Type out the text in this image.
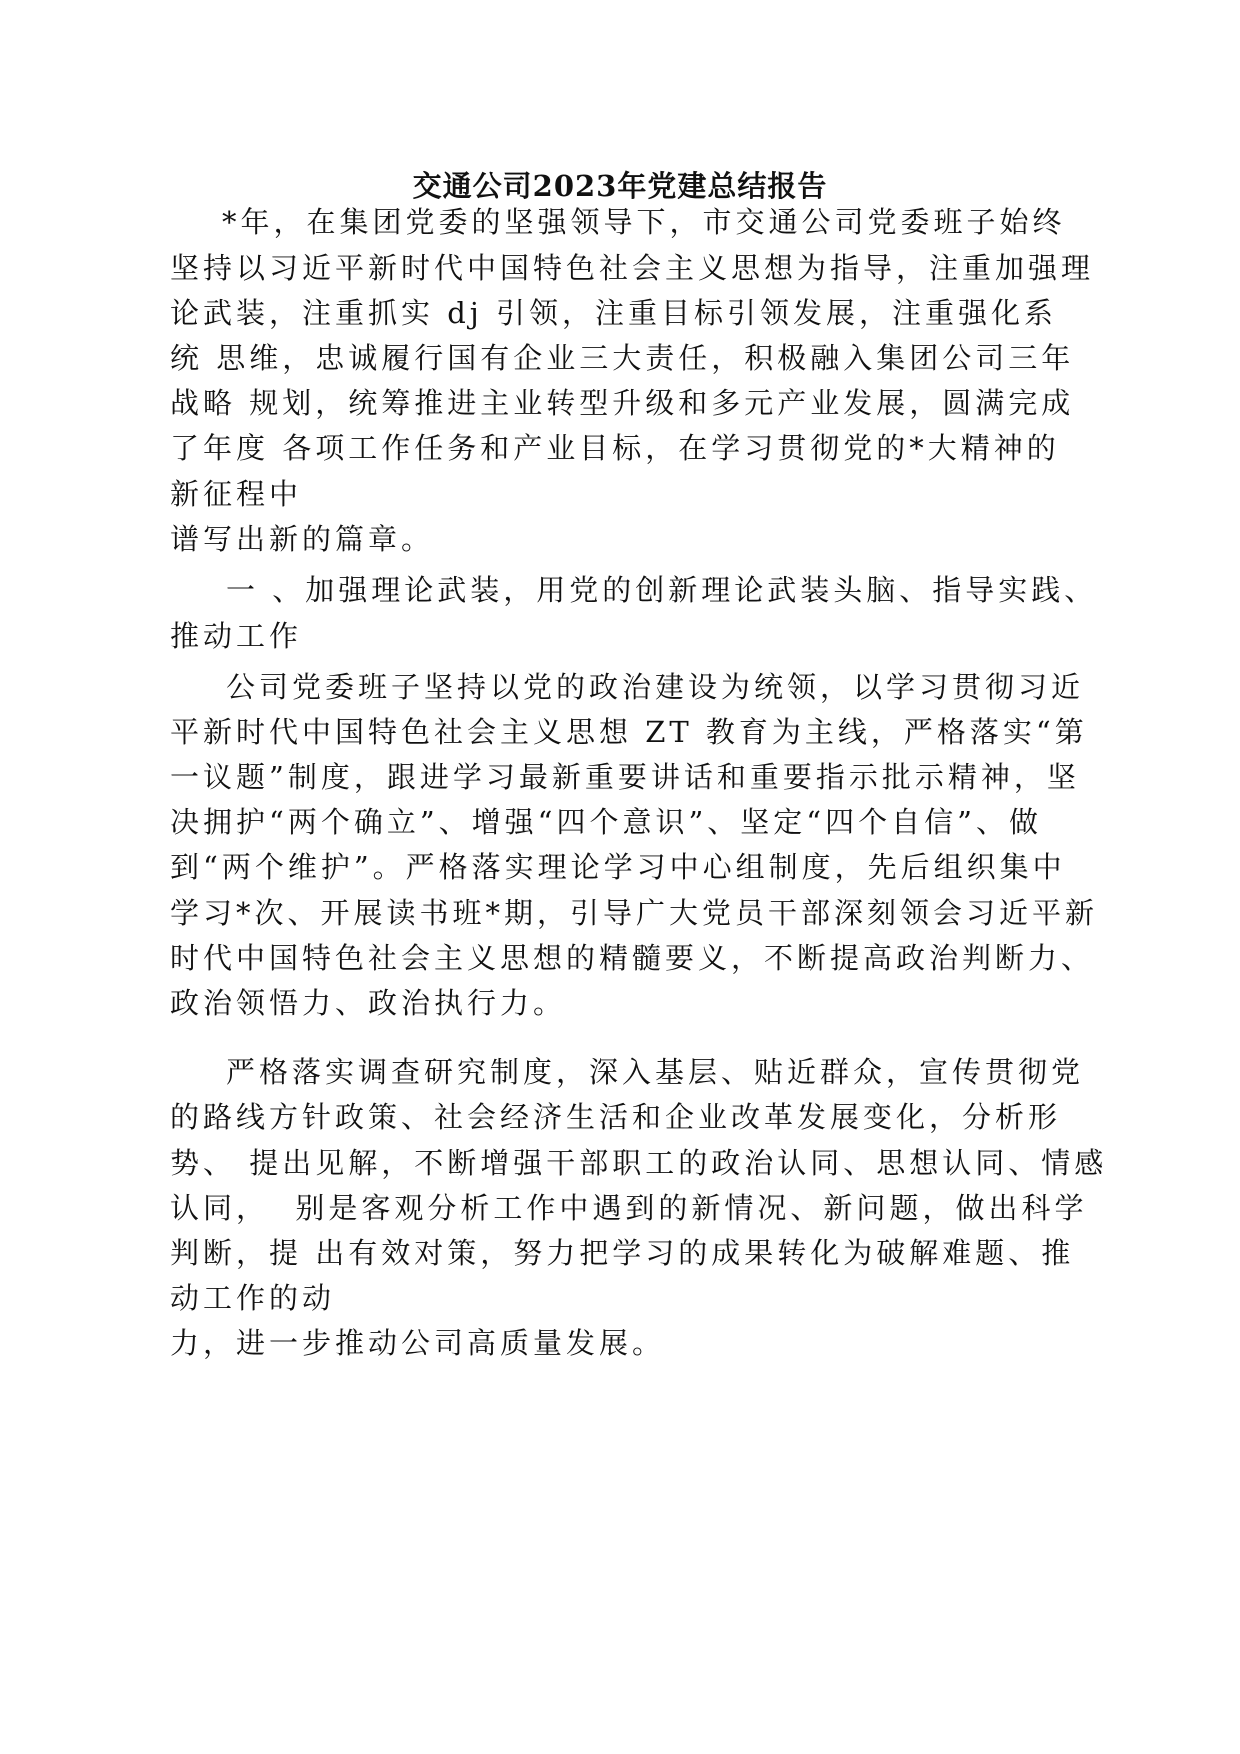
交通公司2023年党建总结报告
*年，在集团党委的坚强领导下，市交通公司党委班子始终
坚持以习近平新时代中国特色社会主义思想为指导，注重加强理
论武装，注重抓实 dj 引领，注重目标引领发展，注重强化系
统 思维，忠诚履行国有企业三大责任，积极融入集团公司三年
战略 规划，统筹推进主业转型升级和多元产业发展，圆满完成
了年度 各项工作任务和产业目标，在学习贯彻党的*大精神的
新征程中
谱写出新的篇章。
一 、加强理论武装，用党的创新理论武装头脑、指导实践、
推动工作
公司党委班子坚持以党的政治建设为统领，以学习贯彻习近
平新时代中国特色社会主义思想 ZT 教育为主线，严格落实“第
一议题”制度，跟进学习最新重要讲话和重要指示批示精神，坚
决拥护“两个确立”、增强“四个意识”、坚定“四个自信”、做
到“两个维护”。严格落实理论学习中心组制度，先后组织集中
学习*次、开展读书班*期，引导广大党员干部深刻领会习近平新
时代中国特色社会主义思想的精髓要义，不断提高政治判断力、
政治领悟力、政治执行力。
严格落实调查研究制度，深入基层、贴近群众，宣传贯彻党
的路线方针政策、社会经济生活和企业改革发展变化，分析形
势、 提出见解，不断增强干部职工的政治认同、思想认同、情感
认同，  别是客观分析工作中遇到的新情况、新问题，做出科学
判断，提 出有效对策，努力把学习的成果转化为破解难题、推
动工作的动
力，进一步推动公司高质量发展。
